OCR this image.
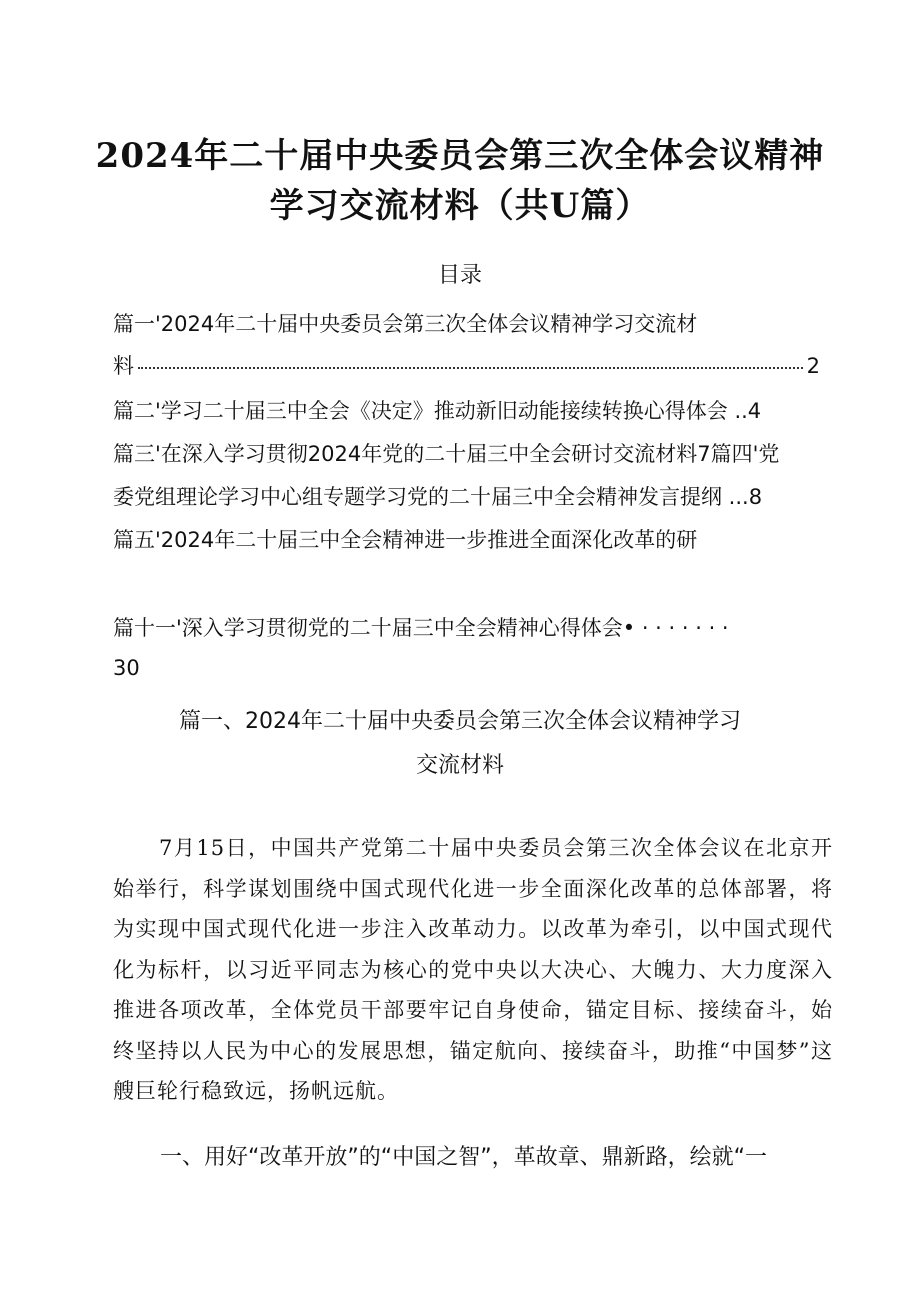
2024年二十届中央委员会第三次全体会议精神
学习交流材料（共U篇）
目录
篇一'2024年二十届中央委员会第三次全体会议精神学习交流材
料	2
篇二'学习二十届三中全会《决定》推动新旧动能接续转换心得体会 ..4
篇三'在深入学习贯彻2024年党的二十届三中全会研讨交流材料7篇四'党
委党组理论学习中心组专题学习党的二十届三中全会精神发言提纲 ...8
篇五'2024年二十届三中全会精神进一步推进全面深化改革的研
篇十一'深入学习贯彻党的二十届三中全会精神心得体会• · · · · · · ·
30
篇一、2024年二十届中央委员会第三次全体会议精神学习
交流材料
7月15日，中国共产党第二十届中央委员会第三次全体会议在北京开始举行，科学谋划围绕中国式现代化进一步全面深化改革的总体部署，将为实现中国式现代化进一步注入改革动力。以改革为牵引，以中国式现代化为标杆，以习近平同志为核心的党中央以大决心、大魄力、大力度深入推进各项改革，全体党员干部要牢记自身使命，锚定目标、接续奋斗，始终坚持以人民为中心的发展思想，锚定航向、接续奋斗，助推“中国梦”这艘巨轮行稳致远，扬帆远航。
一、用好“改革开放”的“中国之智”，革故章、鼎新路，绘就“一
